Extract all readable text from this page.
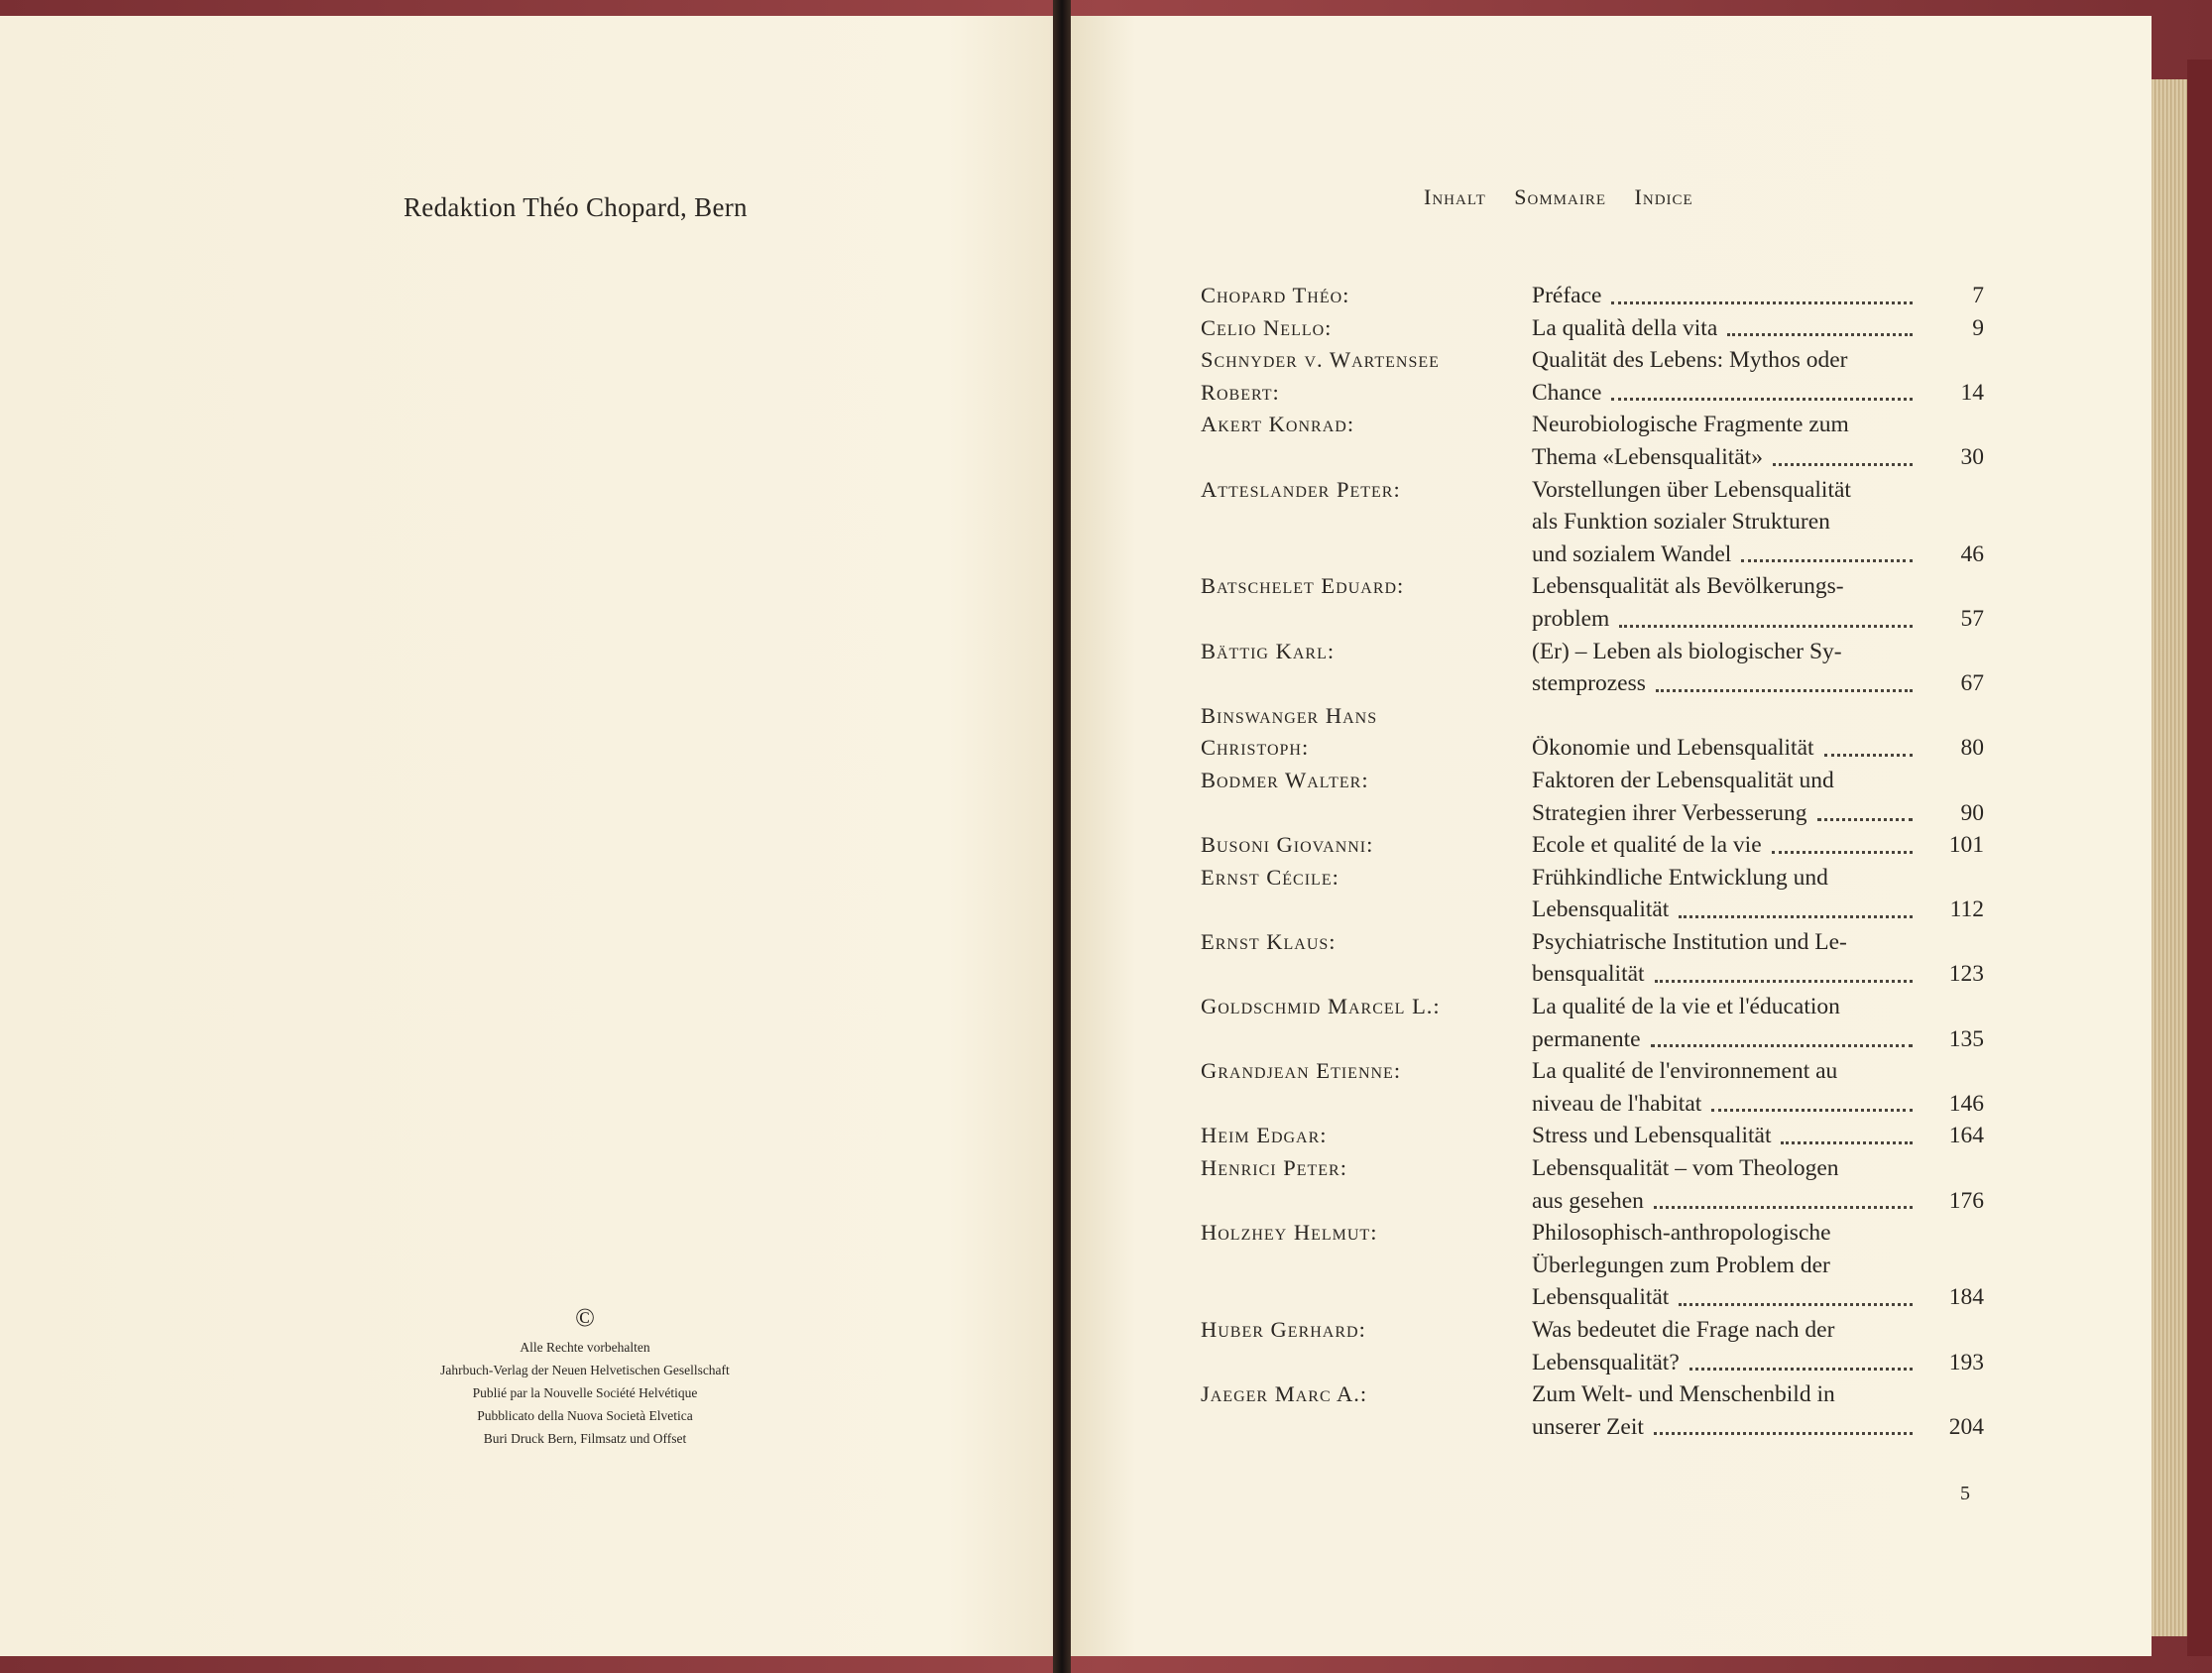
Redaktion Théo Chopard, Bern
©
Alle Rechte vorbehalten
Jahrbuch-Verlag der Neuen Helvetischen Gesellschaft
Publié par la Nouvelle Société Helvétique
Pubblicato della Nuova Società Elvetica
Buri Druck Bern, Filmsatz und Offset
Inhalt Sommaire Indice
Chopard Théo:	Préface	7
Celio Nello:	La qualità della vita	9
Schnyder v. Wartensee	Qualität des Lebens: Mythos oder
Robert:	Chance	14
Akert Konrad:	Neurobiologische Fragmente zum
Thema «Lebensqualität»	30
Atteslander Peter:	Vorstellungen über Lebensqualität
als Funktion sozialer Strukturen
und sozialem Wandel	46
Batschelet Eduard:	Lebensqualität als Bevölkerungs-
problem	57
Bättig Karl:	(Er) – Leben als biologischer Sy-
stemprozess	67
Binswanger Hans
Christoph:	Ökonomie und Lebensqualität	80
Bodmer Walter:	Faktoren der Lebensqualität und
Strategien ihrer Verbesserung	90
Busoni Giovanni:	Ecole et qualité de la vie	101
Ernst Cécile:	Frühkindliche Entwicklung und
Lebensqualität	112
Ernst Klaus:	Psychiatrische Institution und Le-
bensqualität	123
Goldschmid Marcel L.:	La qualité de la vie et l'éducation
permanente	135
Grandjean Etienne:	La qualité de l'environnement au
niveau de l'habitat	146
Heim Edgar:	Stress und Lebensqualität	164
Henrici Peter:	Lebensqualität – vom Theologen
aus gesehen	176
Holzhey Helmut:	Philosophisch-anthropologische
Überlegungen zum Problem der
Lebensqualität	184
Huber Gerhard:	Was bedeutet die Frage nach der
Lebensqualität?	193
Jaeger Marc A.:	Zum Welt- und Menschenbild in
unserer Zeit	204
5
